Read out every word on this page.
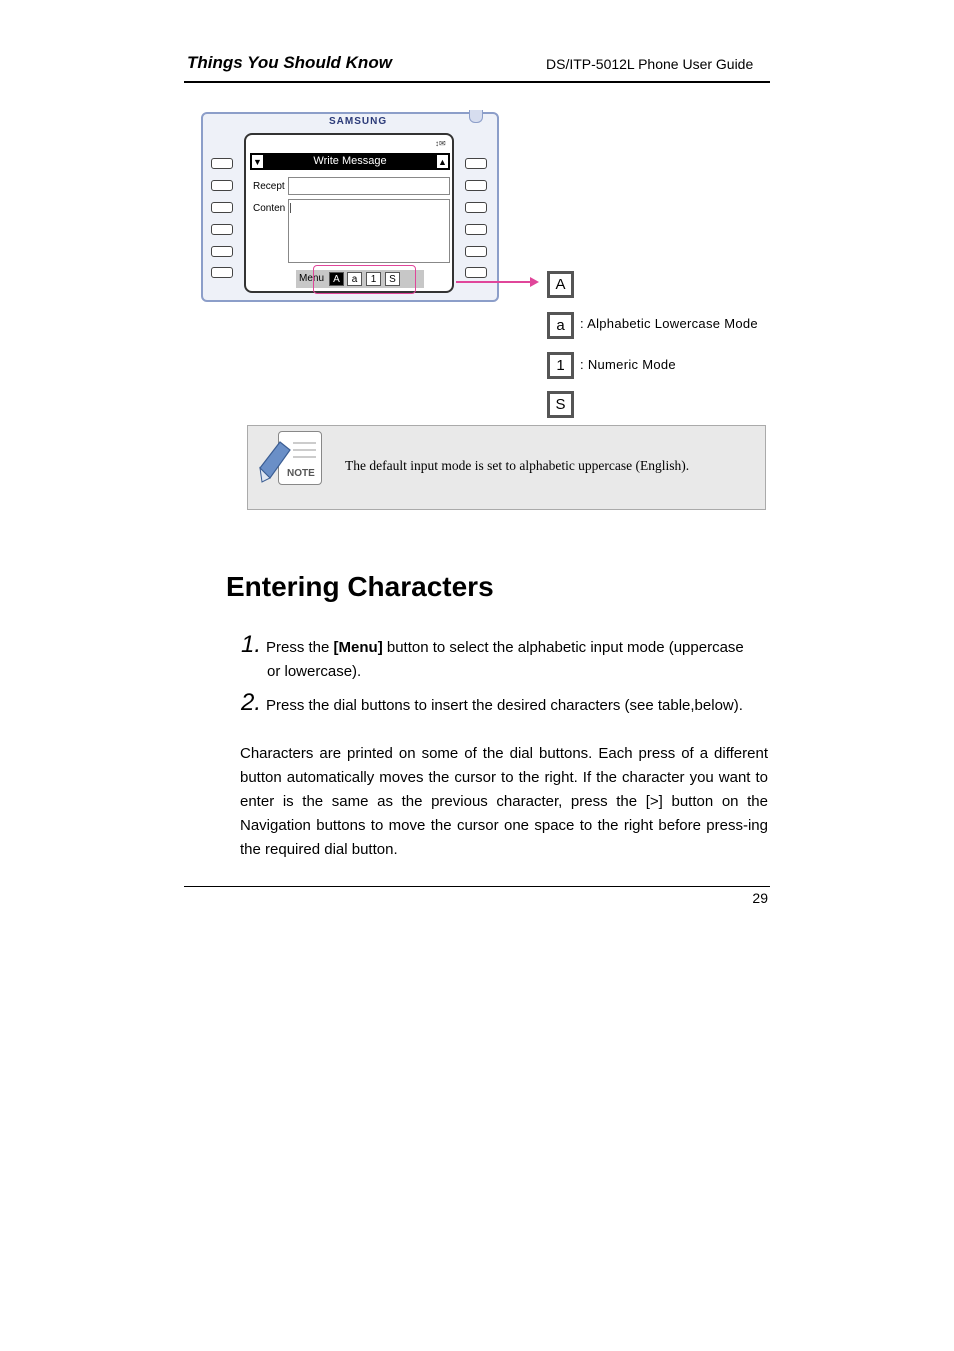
Things You Should Know	DS/ITP-5012L Phone User Guide
SAMSUNG
↕✉
▼	Write Message	▲
Recept
Conten
Menu A	a	1	S	A
a	: Alphabetic Lowercase Mode
1	: Numeric Mode
S
NOTE
The default input mode is set to alphabetic uppercase (English).
Entering Characters
1. Press the [Menu] button to select the alphabetic input mode (uppercase
or lowercase).
2. Press the dial buttons to insert the desired characters (see table,below).
Characters are printed on some of the dial buttons. Each press of a different button automatically moves the cursor to the right. If the character you want to enter is the same as the previous character, press the [>] button on the Navigation buttons to move the cursor one space to the right before press-ing the required dial button.
29
